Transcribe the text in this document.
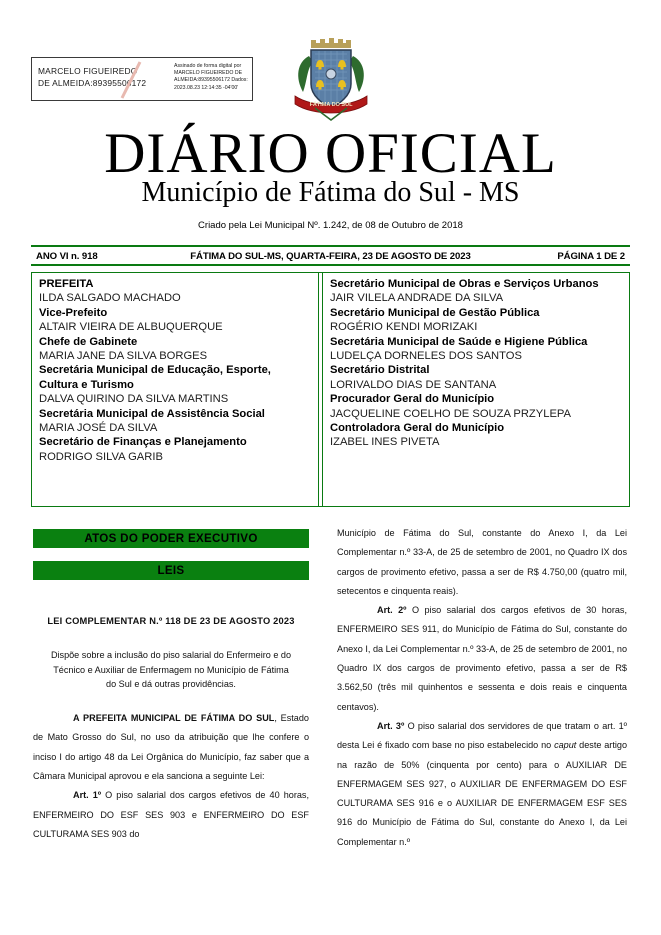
MARCELO FIGUEIREDO DE ALMEIDA:89395506172
Assinado de forma digital por MARCELO FIGUEIREDO DE ALMEIDA:89395506172 Dados: 2023.08.23 12:14:35 -04'00'
FÁTIMA DO SUL
DIÁRIO OFICIAL
Município de Fátima do Sul - MS
Criado pela Lei Municipal Nº. 1.242, de 08 de Outubro de 2018
FÁTIMA DO SUL-MS, QUARTA-FEIRA, 23 DE AGOSTO DE 2023
ANO VI n. 918	PÁGINA 1 DE 2
PREFEITA
ILDA SALGADO MACHADO
Vice-Prefeito
ALTAIR VIEIRA DE ALBUQUERQUE
Chefe de Gabinete
MARIA JANE DA SILVA BORGES
Secretária Municipal de Educação, Esporte, Cultura e Turismo
DALVA QUIRINO DA SILVA MARTINS
Secretária Municipal de Assistência Social
MARIA JOSÉ DA SILVA
Secretário de Finanças e Planejamento
RODRIGO SILVA GARIB
Secretário Municipal de Obras e Serviços Urbanos
JAIR VILELA ANDRADE DA SILVA
Secretário Municipal de Gestão Pública
ROGÉRIO KENDI MORIZAKI
Secretária Municipal de Saúde e Higiene Pública
LUDELÇA DORNELES DOS SANTOS
Secretário Distrital
LORIVALDO DIAS DE SANTANA
Procurador Geral do Município
JACQUELINE COELHO DE SOUZA PRZYLEPA
Controladora Geral do Município
IZABEL INES PIVETA
ATOS DO PODER EXECUTIVO
LEIS
LEI COMPLEMENTAR N.º 118 DE 23 DE AGOSTO 2023
Dispõe sobre a inclusão do piso salarial do Enfermeiro e do Técnico e Auxiliar de Enfermagem no Município de Fátima do Sul e dá outras providências.

A PREFEITA MUNICIPAL DE FÁTIMA DO SUL, Estado de Mato Grosso do Sul, no uso da atribuição que lhe confere o inciso I do artigo 48 da Lei Orgânica do Município, faz saber que a Câmara Municipal aprovou e ela sanciona a seguinte Lei:

Art. 1º O piso salarial dos cargos efetivos de 40 horas, ENFERMEIRO DO ESF SES 903 e ENFERMEIRO DO ESF CULTURAMA SES 903 do

Município de Fátima do Sul, constante do Anexo I, da Lei Complementar n.º 33-A, de 25 de setembro de 2001, no Quadro IX dos cargos de provimento efetivo, passa a ser de R$ 4.750,00 (quatro mil, setecentos e cinquenta reais).

Art. 2º O piso salarial dos cargos efetivos de 30 horas, ENFERMEIRO SES 911, do Município de Fátima do Sul, constante do Anexo I, da Lei Complementar n.º 33-A, de 25 de setembro de 2001, no Quadro IX dos cargos de provimento efetivo, passa a ser de R$ 3.562,50 (três mil quinhentos e sessenta e dois reais e cinquenta centavos).

Art. 3º O piso salarial dos servidores de que tratam o art. 1º desta Lei é fixado com base no piso estabelecido no caput deste artigo na razão de 50% (cinquenta por cento) para o AUXILIAR DE ENFERMAGEM SES 927, o AUXILIAR DE ENFERMAGEM DO ESF CULTURAMA SES 916 e o AUXILIAR DE ENFERMAGEM ESF SES 916 do Município de Fátima do Sul, constante do Anexo I, da Lei Complementar n.º
